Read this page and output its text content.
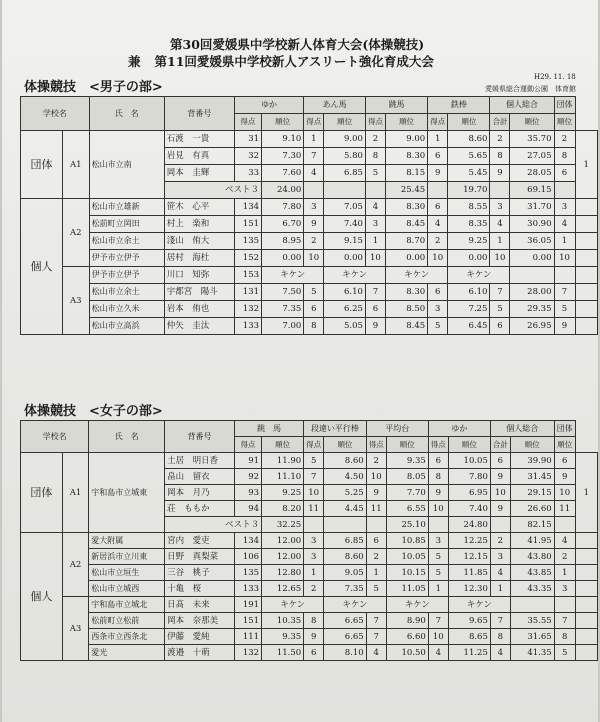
第30回愛媛県中学校新人体育大会(体操競技)
兼 第11回愛媛県中学校新人アスリート強化育成大会
H29. 11. 18
愛媛県総合運動公園　体育館
体操競技　<男子の部>
学校名		氏　名	背番号	ゆか		あん馬		跳馬		鉄棒		個人総合		団体	
				得点	順位	得点	順位	得点	順位	得点	順位	合計	順位	順位	
団体	A1	松山市立南	石渡　一貴	31	9.10	1	9.00	2	9.00	1	8.60	2	35.70	2	1
			岩見　有真	32	7.30	7	5.80	8	8.30	6	5.65	8	27.05	8	
			岡本　圭輝	33	7.60	4	6.85	5	8.15	9	5.45	9	28.05	6	
			ベスト３		24.00				25.45		19.70		69.15		
個人	A2	松山市立雄新	笹木　心平	134	7.80	3	7.05	4	8.30	6	8.55	3	31.70	3	
		松前町立岡田	村上　楽和	151	6.70	9	7.40	3	8.45	4	8.35	4	30.90	4	
		松山市立余土	淺山　侑大	135	8.95	2	9.15	1	8.70	2	9.25	1	36.05	1	
		伊予市立伊予	居村　海杜	152	0.00	10	0.00	10	0.00	10	0.00	10	0.00	10	
	A3	伊予市立伊予	川口　知弥	153	キケン		キケン		キケン		キケン				
		松山市立余土	宇都宮　陽斗	131	7.50	5	6.10	7	8.30	6	6.10	7	28.00	7	
		松山市立久米	岩本　侑也	132	7.35	6	6.25	6	8.50	3	7.25	5	29.35	5	
		松山市立高浜	仲矢　圭汰	133	7.00	8	5.05	9	8.45	5	6.45	6	26.95	9	
体操競技　<女子の部>
学校名		氏　名	背番号	跳　馬		段違い平行棒		平均台		ゆか		個人総合		団体	
				得点	順位	得点	順位	得点	順位	得点	順位	合計	順位	順位	
団体	A1	宇和島市立城東	土居　明日香	91	11.90	5	8.60	2	9.35	6	10.05	6	39.90	6	1
			畠山　留衣	92	11.10	7	4.50	10	8.05	8	7.80	9	31.45	9	
			岡本　月乃	93	9.25	10	5.25	9	7.70	9	6.95	10	29.15	10	
			荘　ももか	94	8.20	11	4.45	11	6.55	10	7.40	9	26.60	11	
			ベスト３		32.25				25.10		24.80		82.15		
個人	A2	愛大附属	宮内　愛吏	134	12.00	3	6.85	6	10.85	3	12.25	2	41.95	4	
		新居浜市立川東	日野　真梨菜	106	12.00	3	8.60	2	10.05	5	12.15	3	43.80	2	
		松山市立垣生	三谷　桃子	135	12.80	1	9.05	1	10.15	5	11.85	4	43.85	1	
		松山市立城西	十亀　桜	133	12.65	2	7.35	5	11.05	1	12.30	1	43.35	3	
	A3	宇和島市立城北	日髙　未来	191	キケン		キケン		キケン		キケン				
		松前町立松前	岡本　奈那美	151	10.35	8	6.65	7	8.90	7	9.65	7	35.55	7	
		西条市立西条北	伊藤　愛純	111	9.35	9	6.65	7	6.60	10	8.65	8	31.65	8	
		愛光	渡邉　十萌	132	11.50	6	8.10	4	10.50	4	11.25	4	41.35	5	
